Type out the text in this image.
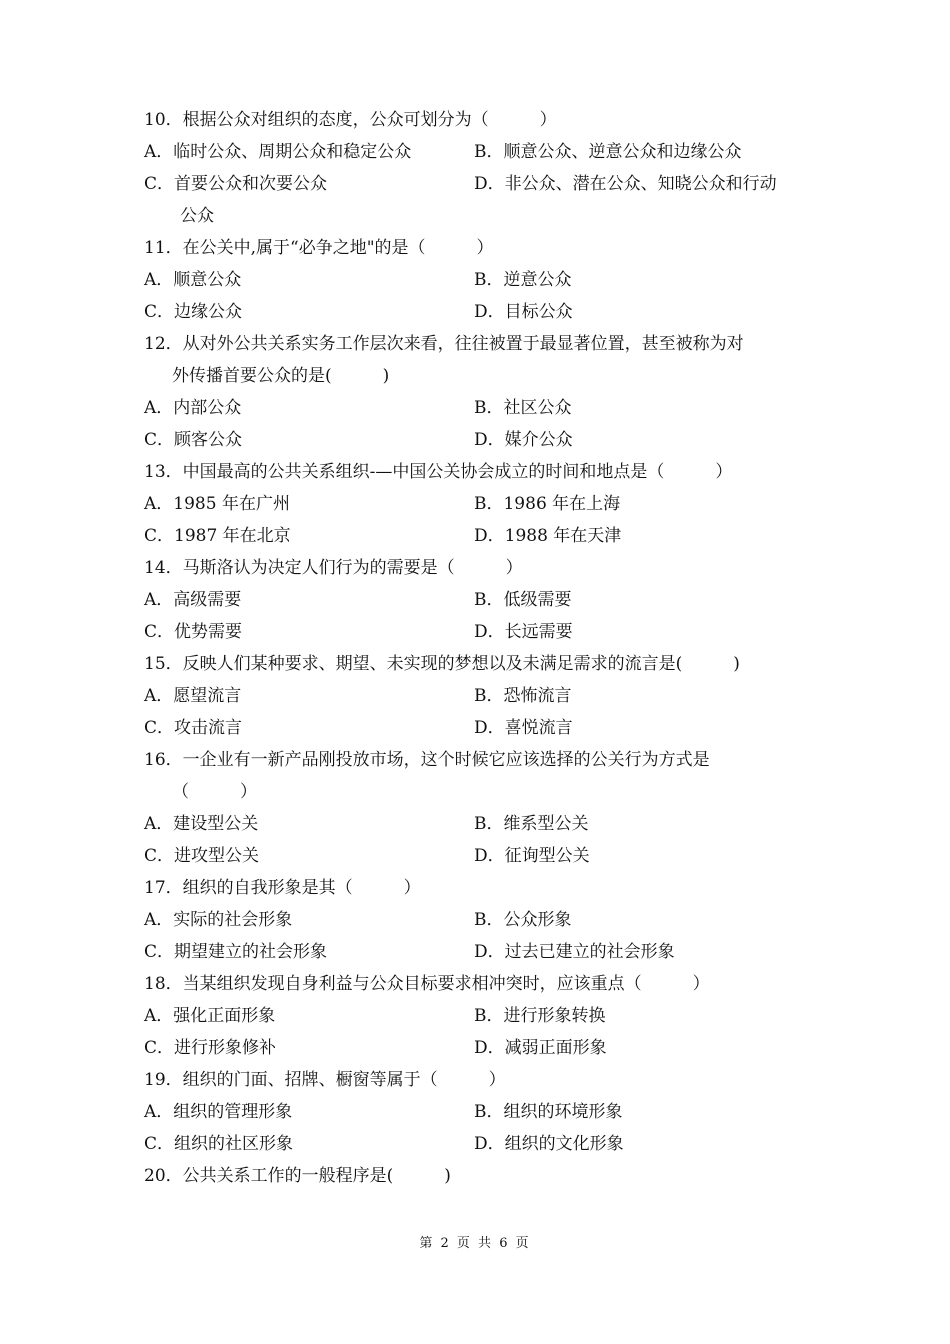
10．根据公众对组织的态度，公众可划分为（　　　）
A．临时公众、周期公众和稳定公众	B．顺意公众、逆意公众和边缘公众
C．首要公众和次要公众	D．非公众、潜在公众、知晓公众和行动
公众
11．在公关中,属于“必争之地"的是（　　　）
A．顺意公众	B．逆意公众
C．边缘公众	D．目标公众
12．从对外公共关系实务工作层次来看，往往被置于最显著位置，甚至被称为对
外传播首要公众的是(　　　)
A．内部公众	B．社区公众
C．顾客公众	D．媒介公众
13．中国最高的公共关系组织-—中国公关协会成立的时间和地点是（　　　）
A．1985 年在广州	B．1986 年在上海
C．1987 年在北京	D．1988 年在天津
14．马斯洛认为决定人们行为的需要是（　　　）
A．高级需要	B．低级需要
C．优势需要	D．长远需要
15．反映人们某种要求、期望、未实现的梦想以及未满足需求的流言是(　　　)
A．愿望流言	B．恐怖流言
C．攻击流言	D．喜悦流言
16．一企业有一新产品刚投放市场，这个时候它应该选择的公关行为方式是
（　　　）
A．建设型公关	B．维系型公关
C．进攻型公关	D．征询型公关
17．组织的自我形象是其（　　　）
A．实际的社会形象	B．公众形象
C．期望建立的社会形象	D．过去已建立的社会形象
18．当某组织发现自身利益与公众目标要求相冲突时，应该重点（　　　）
A．强化正面形象	B．进行形象转换
C．进行形象修补	D．减弱正面形象
19．组织的门面、招牌、橱窗等属于（　　　）
A．组织的管理形象	B．组织的环境形象
C．组织的社区形象	D．组织的文化形象
20．公共关系工作的一般程序是(　　　)
第 2 页 共 6 页
